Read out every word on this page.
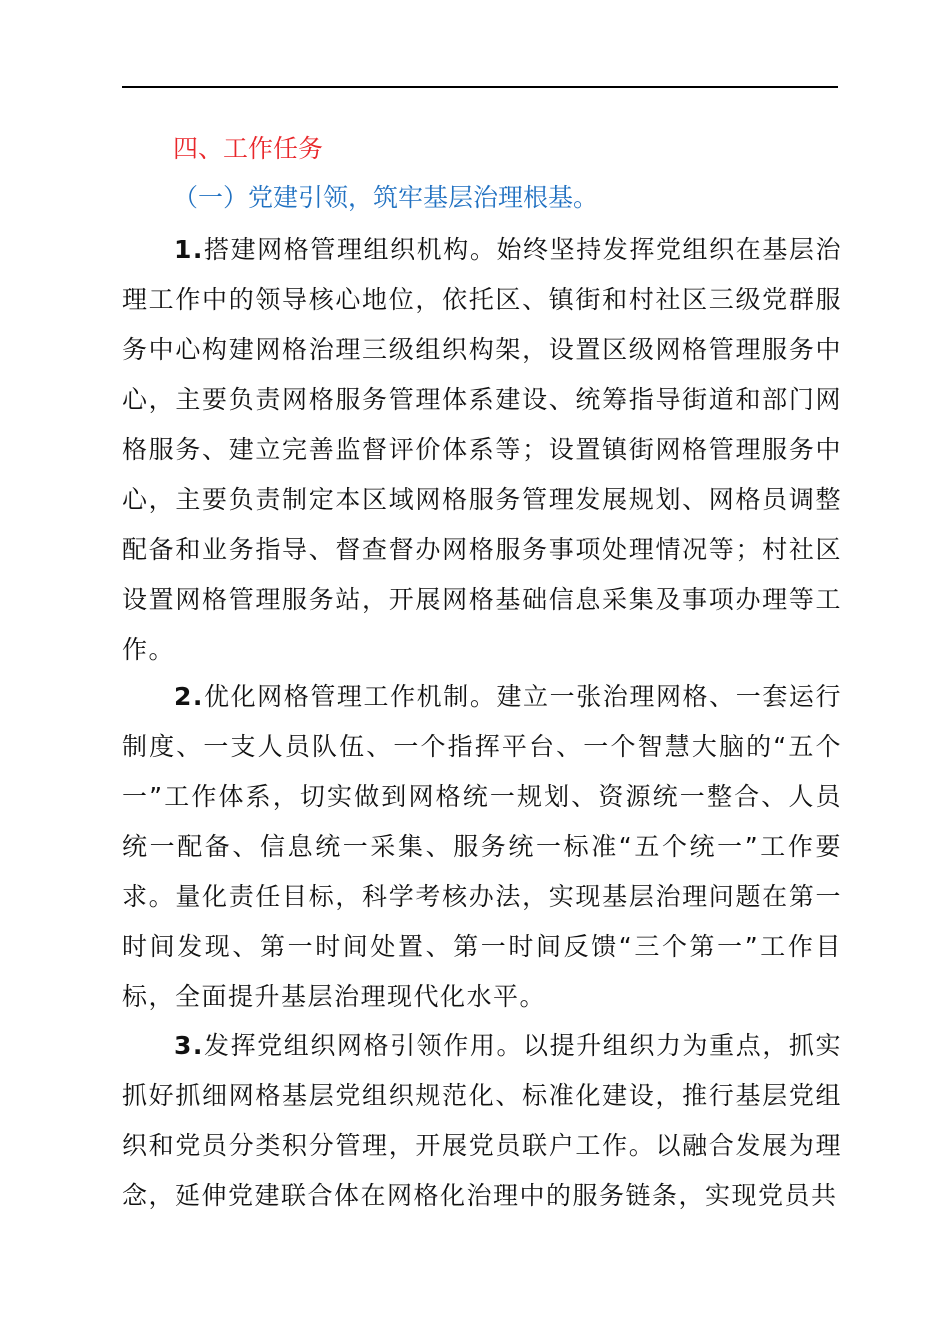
四、工作任务
（一）党建引领，筑牢基层治理根基。

1.搭建网格管理组织机构。始终坚持发挥党组织在基层治理工作中的领导核心地位，依托区、镇街和村社区三级党群服务中心构建网格治理三级组织构架，设置区级网格管理服务中心，主要负责网格服务管理体系建设、统筹指导街道和部门网格服务、建立完善监督评价体系等；设置镇街网格管理服务中心，主要负责制定本区域网格服务管理发展规划、网格员调整配备和业务指导、督查督办网格服务事项处理情况等；村社区设置网格管理服务站，开展网格基础信息采集及事项办理等工作。

2.优化网格管理工作机制。建立一张治理网格、一套运行制度、一支人员队伍、一个指挥平台、一个智慧大脑的“五个一”工作体系，切实做到网格统一规划、资源统一整合、人员统一配备、信息统一采集、服务统一标准“五个统一”工作要求。量化责任目标，科学考核办法，实现基层治理问题在第一时间发现、第一时间处置、第一时间反馈“三个第一”工作目标，全面提升基层治理现代化水平。

3.发挥党组织网格引领作用。以提升组织力为重点，抓实抓好抓细网格基层党组织规范化、标准化建设，推行基层党组织和党员分类积分管理，开展党员联户工作。以融合发展为理念，延伸党建联合体在网格化治理中的服务链条，实现党员共
